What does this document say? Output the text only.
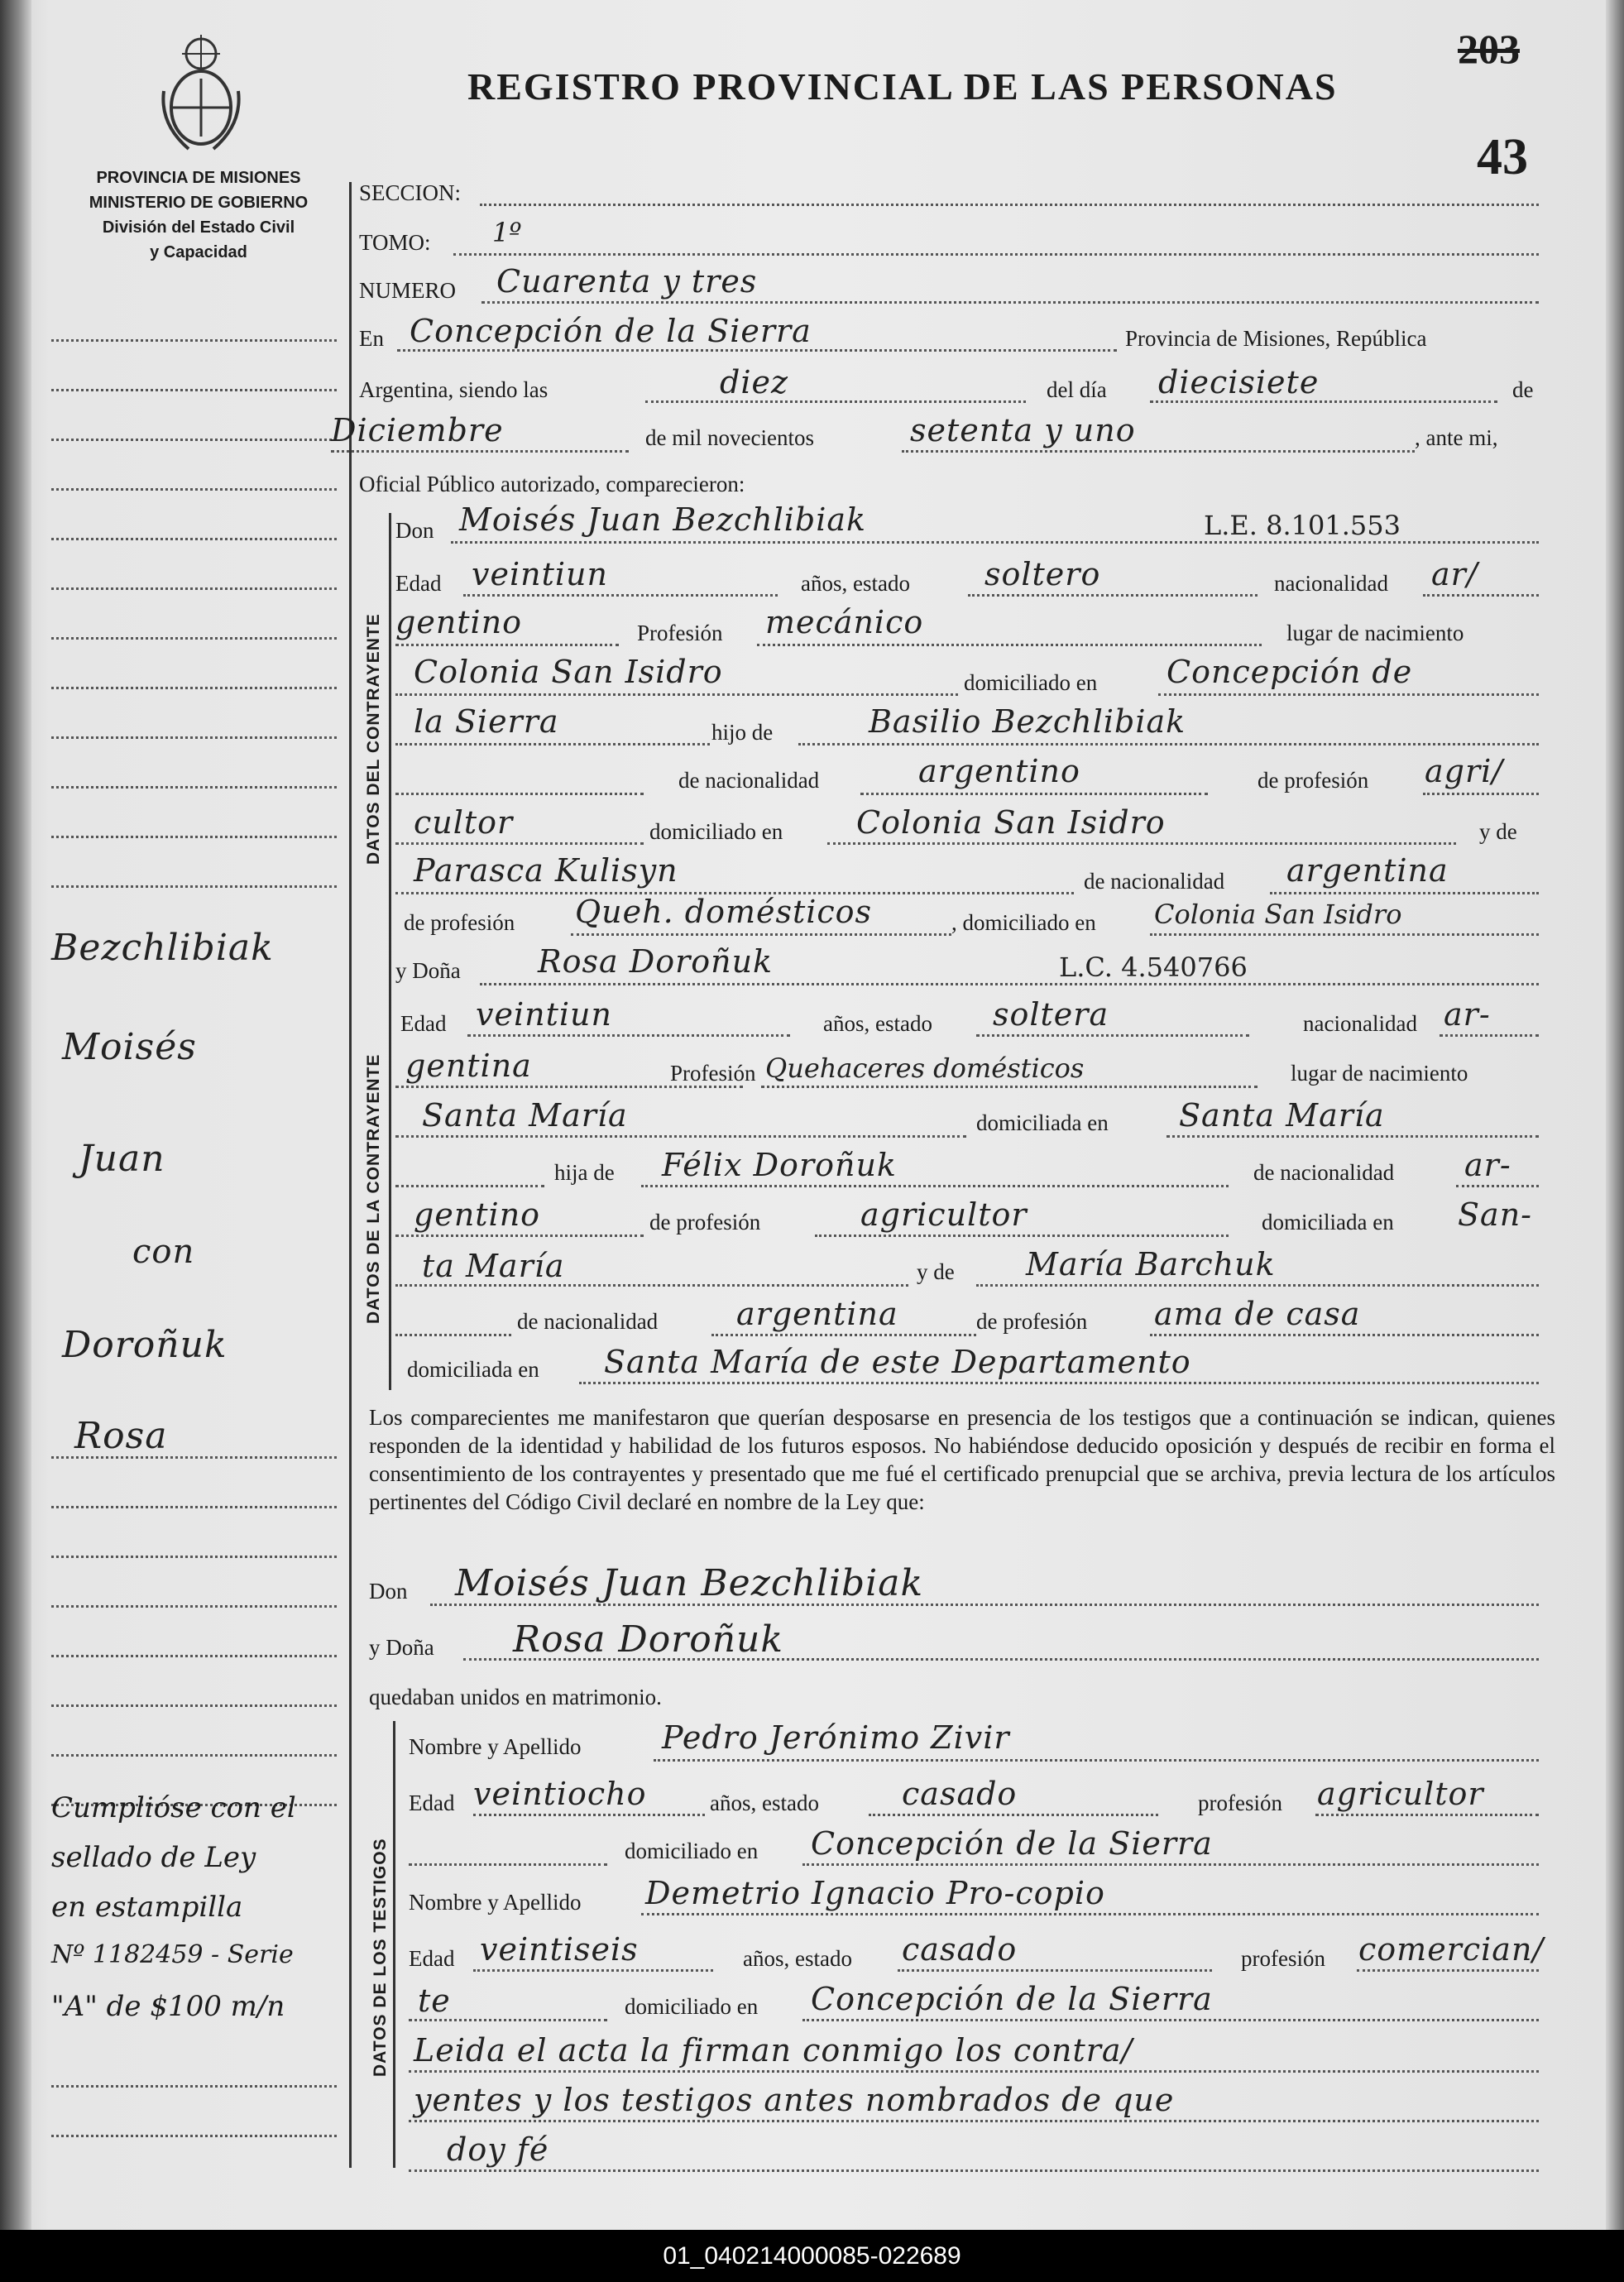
PROVINCIA DE MISIONES
MINISTERIO DE GOBIERNO
División del Estado Civil
y Capacidad
REGISTRO PROVINCIAL DE LAS PERSONAS
203
43
Bezchlibiak
Moisés
Juan
con
Doroñuk
Rosa
Cumplióse con el
sellado de Ley
en estampilla
Nº 1182459 - Serie
"A" de $100 m/n
SECCION:
TOMO: 1º
NUMERO Cuarenta y tres
En Concepción de la Sierra	Provincia de Misiones, República
Argentina, siendo las	diez	del día diecisiete	de
Diciembre	de mil novecientos	setenta y uno	, ante mi,
Oficial Público autorizado, comparecieron:
DATOS DEL CONTRAYENTE
Don Moisés Juan Bezchlibiak	L.E. 8.101.553
Edad veintiun	años, estado soltero	nacionalidad ar/
gentino	Profesión mecánico	lugar de nacimiento
Colonia San Isidro	domiciliado en Concepción de
la Sierra	hijo de	Basilio Bezchlibiak
de nacionalidad	argentino	de profesión agri/
cultor	domiciliado en Colonia San Isidro	y de
Parasca Kulisyn	de nacionalidad argentina
de profesión Queh. domésticos	, domiciliado en Colonia San Isidro
DATOS DE LA CONTRAYENTE
y Doña Rosa Doroñuk	L.C. 4.540766
Edad veintiun	años, estado soltera	nacionalidad ar-
gentina	Profesión Quehaceres domésticos	lugar de nacimiento
Santa María	domiciliada en Santa María
hija de Félix Doroñuk	de nacionalidad ar-
gentino	de profesión	agricultor	domiciliada en San-
ta María	y de María Barchuk
de nacionalidad argentina	de profesión ama de casa
domiciliada en Santa María de este Departamento
Los comparecientes me manifestaron que querían desposarse en presencia de los testigos que a continuación se indican, quienes responden de la identidad y habilidad de los futuros esposos. No habiéndose deducido oposición y después de recibir en forma el consentimiento de los contrayentes y presentado que me fué el certificado prenupcial que se archiva, previa lectura de los artículos pertinentes del Código Civil declaré en nombre de la Ley que:
Don Moisés Juan Bezchlibiak
y Doña Rosa Doroñuk
quedaban unidos en matrimonio.
DATOS DE LOS TESTIGOS
Nombre y Apellido	Pedro Jerónimo Zivir
Edad veintiocho	años, estado	casado	profesión agricultor
domiciliado en Concepción de la Sierra
Nombre y Apellido Demetrio Ignacio Pro-copio
Edad veintiseis	años, estado casado	profesión comercian/
te	domiciliado en Concepción de la Sierra
Leida el acta la firman conmigo los contra/
yentes y los testigos antes nombrados de que
doy fé
01_040214000085-022689
